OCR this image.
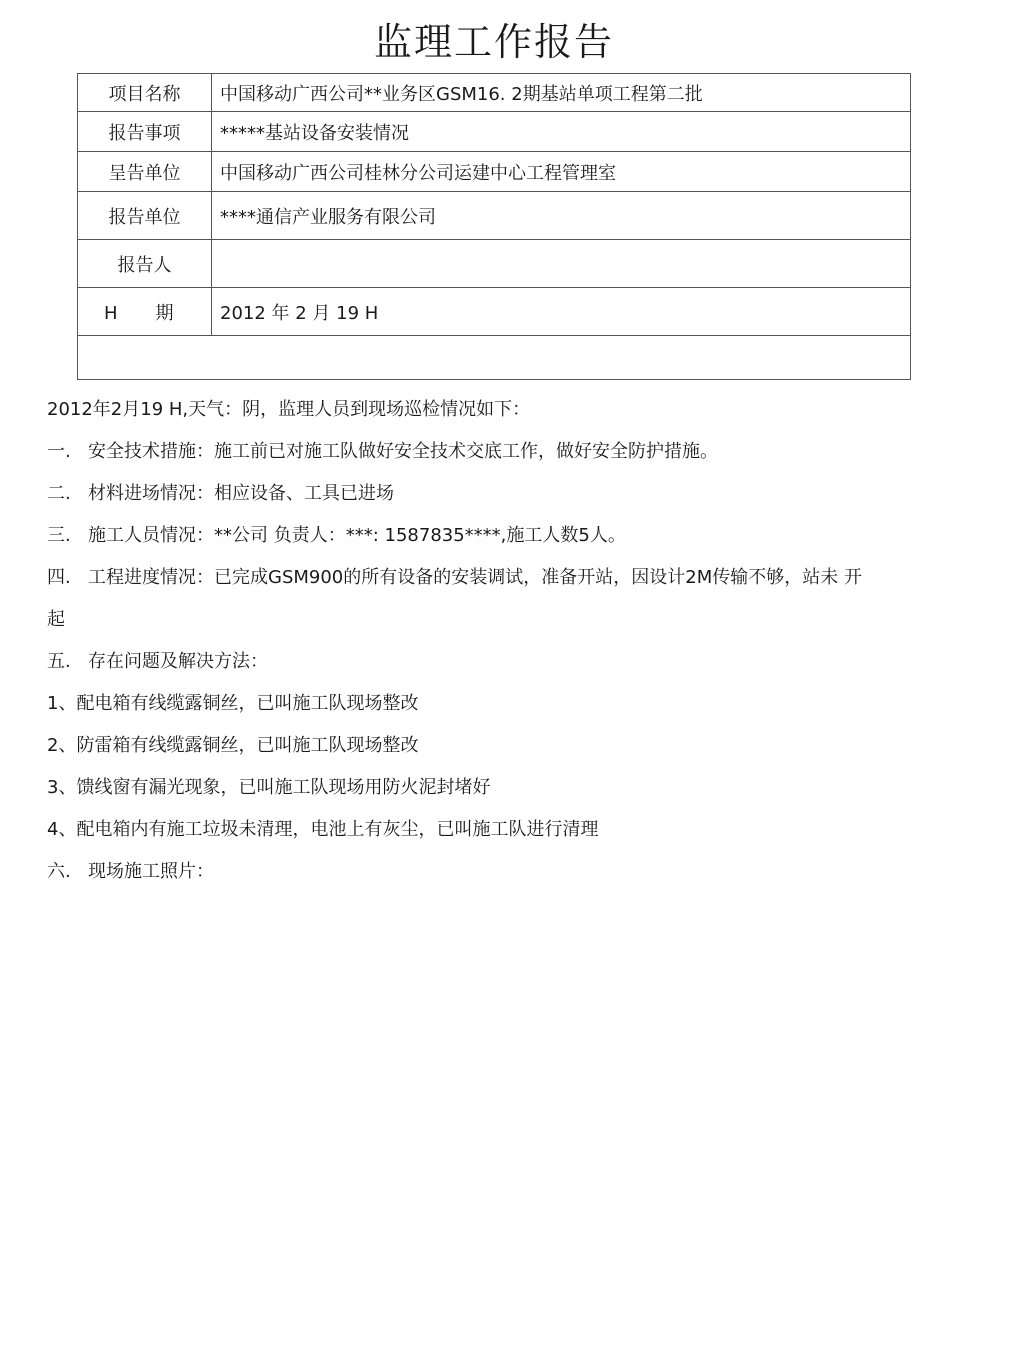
监理工作报告
项目名称	中国移动广西公司**业务区GSM16. 2期基站单项工程第二批
报告事项	*****基站设备安装情况
呈告单位	中国移动广西公司桂林分公司运建中心工程管理室
报告单位	****通信产业服务有限公司
报告人	
H 期	2012 年 2 月 19 H

2012年2月19 H,天气：阴，监理人员到现场巡检情况如下：

一. 安全技术措施：施工前已对施工队做好安全技术交底工作，做好安全防护措施。

二. 材料进场情况：相应设备、工具已进场

三. 施工人员情况：**公司 负责人：***: 1587835****,施工人数5人。

四. 工程进度情况：已完成GSM900的所有设备的安装调试，准备开站，因设计2M传输不够，站未 开

起

五. 存在问题及解决方法：

1、配电箱有线缆露铜丝，已叫施工队现场整改

2、防雷箱有线缆露铜丝，已叫施工队现场整改

3、馈线窗有漏光现象，已叫施工队现场用防火泥封堵好

4、配电箱内有施工垃圾未清理，电池上有灰尘，已叫施工队进行清理

六. 现场施工照片：
